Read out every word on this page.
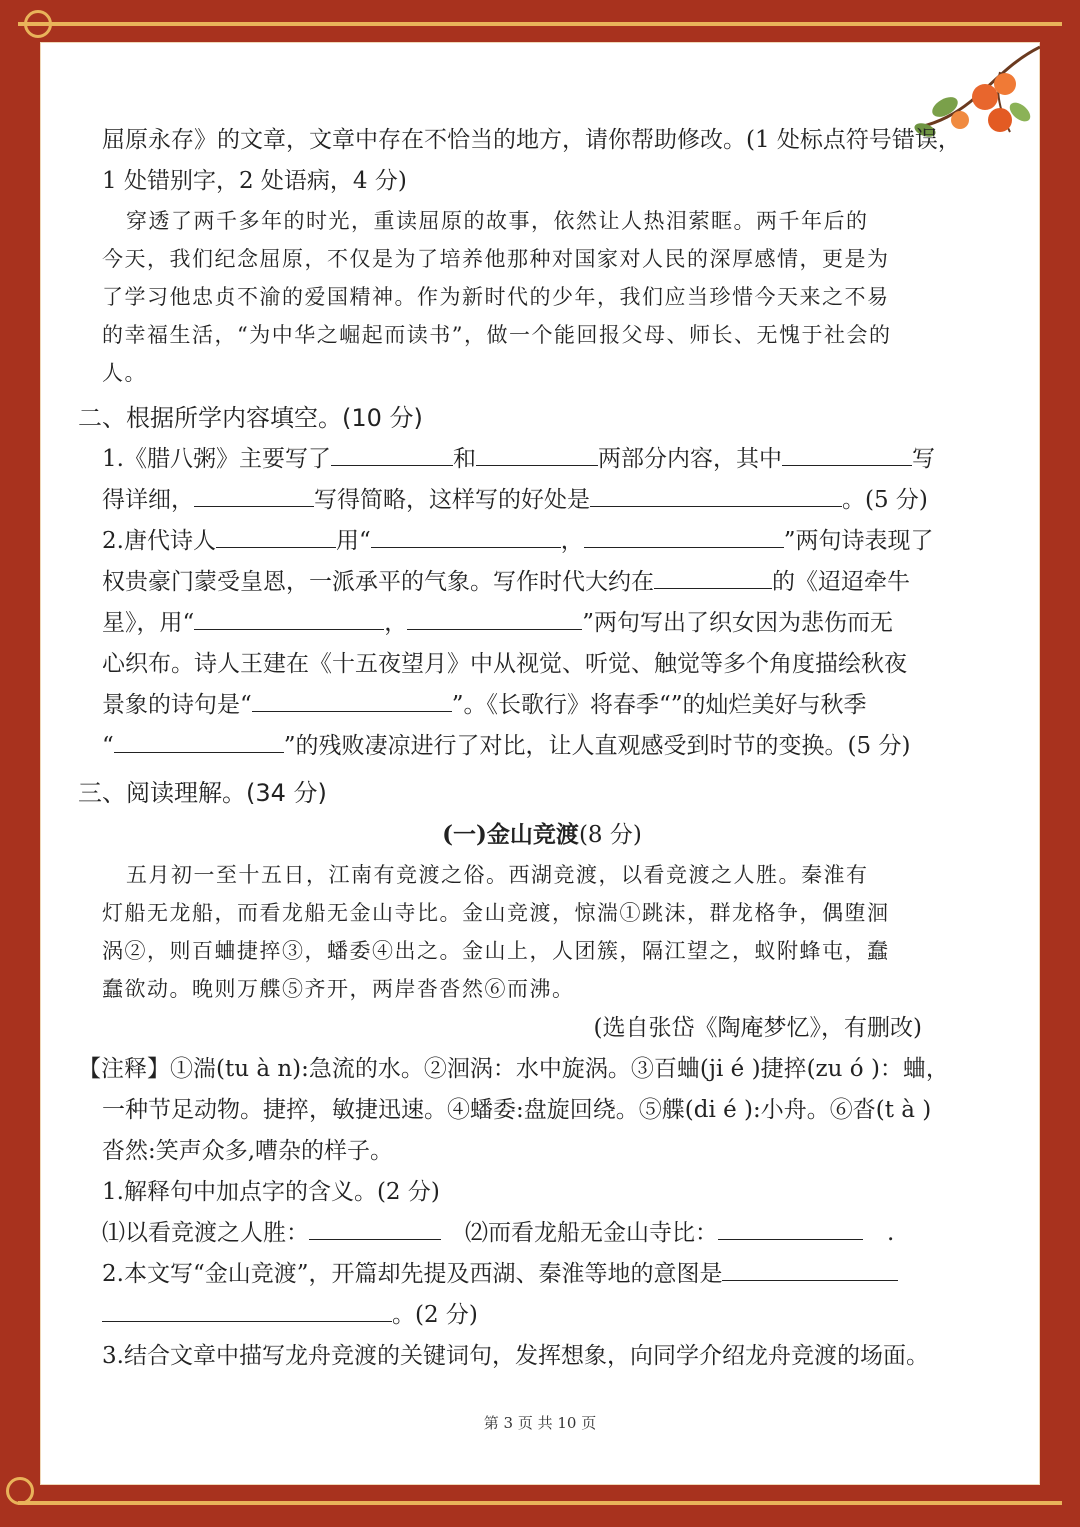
屈原永存》的文章，文章中存在不恰当的地方，请你帮助修改。(1 处标点符号错误，

1 处错别字，2 处语病，4 分)

穿透了两千多年的时光，重读屈原的故事，依然让人热泪萦眶。两千年后的

今天，我们纪念屈原，不仅是为了培养他那种对国家对人民的深厚感情，更是为

了学习他忠贞不渝的爱国精神。作为新时代的少年，我们应当珍惜今天来之不易

的幸福生活，“为中华之崛起而读书”，做一个能回报父母、师长、无愧于社会的

人。

二、根据所学内容填空。(10 分)

1.《腊八粥》主要写了	和	两部分内容，其中	写

得详细，	写得简略，这样写的好处是	。(5 分)

2.唐代诗人	用“	，	”两句诗表现了

权贵豪门蒙受皇恩，一派承平的气象。写作时代大约在	的《迢迢牵牛

星》，用“	，	”两句写出了织女因为悲伤而无

心织布。诗人王建在《十五夜望月》中从视觉、听觉、触觉等多个角度描绘秋夜

景象的诗句是“	”。《长歌行》将春季“”的灿烂美好与秋季

“	”的残败凄凉进行了对比，让人直观感受到时节的变换。(5 分)

三、阅读理解。(34 分)

(一)金山竞渡(8 分)

五月初一至十五日，江南有竞渡之俗。西湖竞渡，以看竞渡之人胜。秦淮有

灯船无龙船，而看龙船无金山寺比。金山竞渡，惊湍①跳沫，群龙格争，偶堕洄

涡②，则百蛐捷捽③，蟠委④出之。金山上，人团簇，隔江望之，蚁附蜂屯，蠢

蠢欲动。晚则万艓⑤齐开，两岸沓沓然⑥而沸。

(选自张岱《陶庵梦忆》，有删改)

【注释】①湍(tu à n):急流的水。②洄涡：水中旋涡。③百蛐(ji é )捷捽(zu ó )：蛐，

一种节足动物。捷捽，敏捷迅速。④蟠委:盘旋回绕。⑤艓(di é ):小舟。⑥沓(t à )

沓然:笑声众多,嘈杂的样子。

1.解释句中加点字的含义。(2 分)

⑴以看竞渡之人胜：	⑵而看龙船无金山寺比：	.

2.本文写“金山竞渡”，开篇却先提及西湖、秦淮等地的意图是

。(2 分)

3.结合文章中描写龙舟竞渡的关键词句，发挥想象，向同学介绍龙舟竞渡的场面。

第 3 页 共 10 页
